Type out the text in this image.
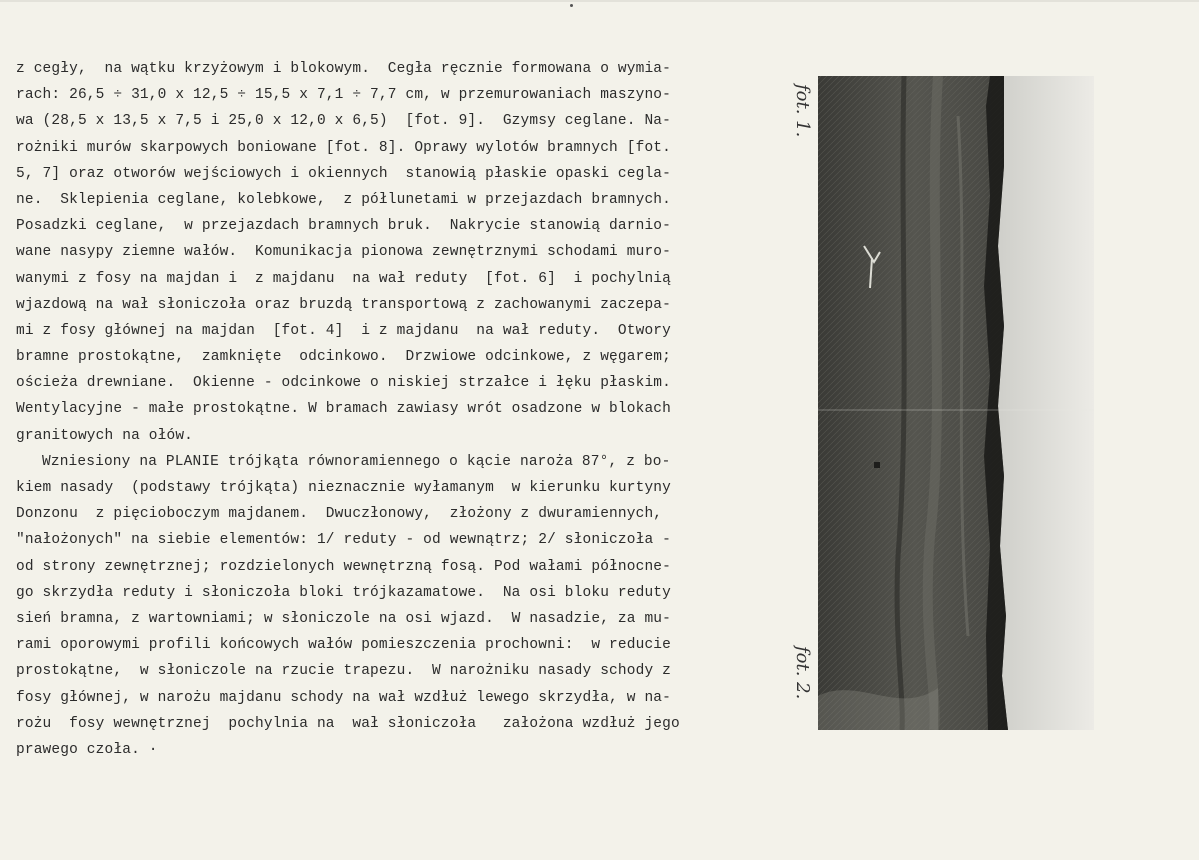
z cegły,  na wątku krzyżowym i blokowym.  Cegła ręcznie formowana o wymia-
rach: 26,5 ÷ 31,0 x 12,5 ÷ 15,5 x 7,1 ÷ 7,7 cm, w przemurowaniach maszyno-
wa (28,5 x 13,5 x 7,5 i 25,0 x 12,0 x 6,5)  [fot. 9].  Gzymsy ceglane. Na-
rożniki murów skarpowych boniowane [fot. 8]. Oprawy wylotów bramnych [fot.
5, 7] oraz otworów wejściowych i okiennych  stanowią płaskie opaski cegla-
ne.  Sklepienia ceglane, kolebkowe,  z półlunetami w przejazdach bramnych.
Posadzki ceglane,  w przejazdach bramnych bruk.  Nakrycie stanowią darnio-
wane nasypy ziemne wałów.  Komunikacja pionowa zewnętrznymi schodami muro-
wanymi z fosy na majdan i  z majdanu  na wał reduty  [fot. 6]  i pochylnią
wjazdową na wał słoniczoła oraz bruzdą transportową z zachowanymi zaczepa-
mi z fosy głównej na majdan  [fot. 4]  i z majdanu  na wał reduty.  Otwory
bramne prostokątne,  zamknięte  odcinkowo.  Drzwiowe odcinkowe, z węgarem;
ościeża drewniane.  Okienne - odcinkowe o niskiej strzałce i łęku płaskim.
Wentylacyjne - małe prostokątne. W bramach zawiasy wrót osadzone w blokach
granitowych na ołów.
Wzniesiony na PLANIE trójkąta równoramiennego o kącie naroża 87°, z bo-
kiem nasady  (podstawy trójkąta) nieznacznie wyłamanym  w kierunku kurtyny
Donzonu  z pięcioboczym majdanem.  Dwuczłonowy,  złożony z dwuramiennych,
"nałożonych" na siebie elementów: 1/ reduty - od wewnątrz; 2/ słoniczoła -
od strony zewnętrznej; rozdzielonych wewnętrzną fosą. Pod wałami północne-
go skrzydła reduty i słoniczoła bloki trójkazamatowe.  Na osi bloku reduty
sień bramna, z wartowniami; w słoniczole na osi wjazd.  W nasadzie, za mu-
rami oporowymi profili końcowych wałów pomieszczenia prochowni:  w reducie
prostokątne,  w słoniczole na rzucie trapezu.  W narożniku nasady schody z
fosy głównej, w narożu majdanu schody na wał wzdłuż lewego skrzydła, w na-
rożu  fosy wewnętrznej  pochylnia na  wał słoniczoła   założona wzdłuż jego
prawego czoła. ·
fot. 1.
fot. 2.
